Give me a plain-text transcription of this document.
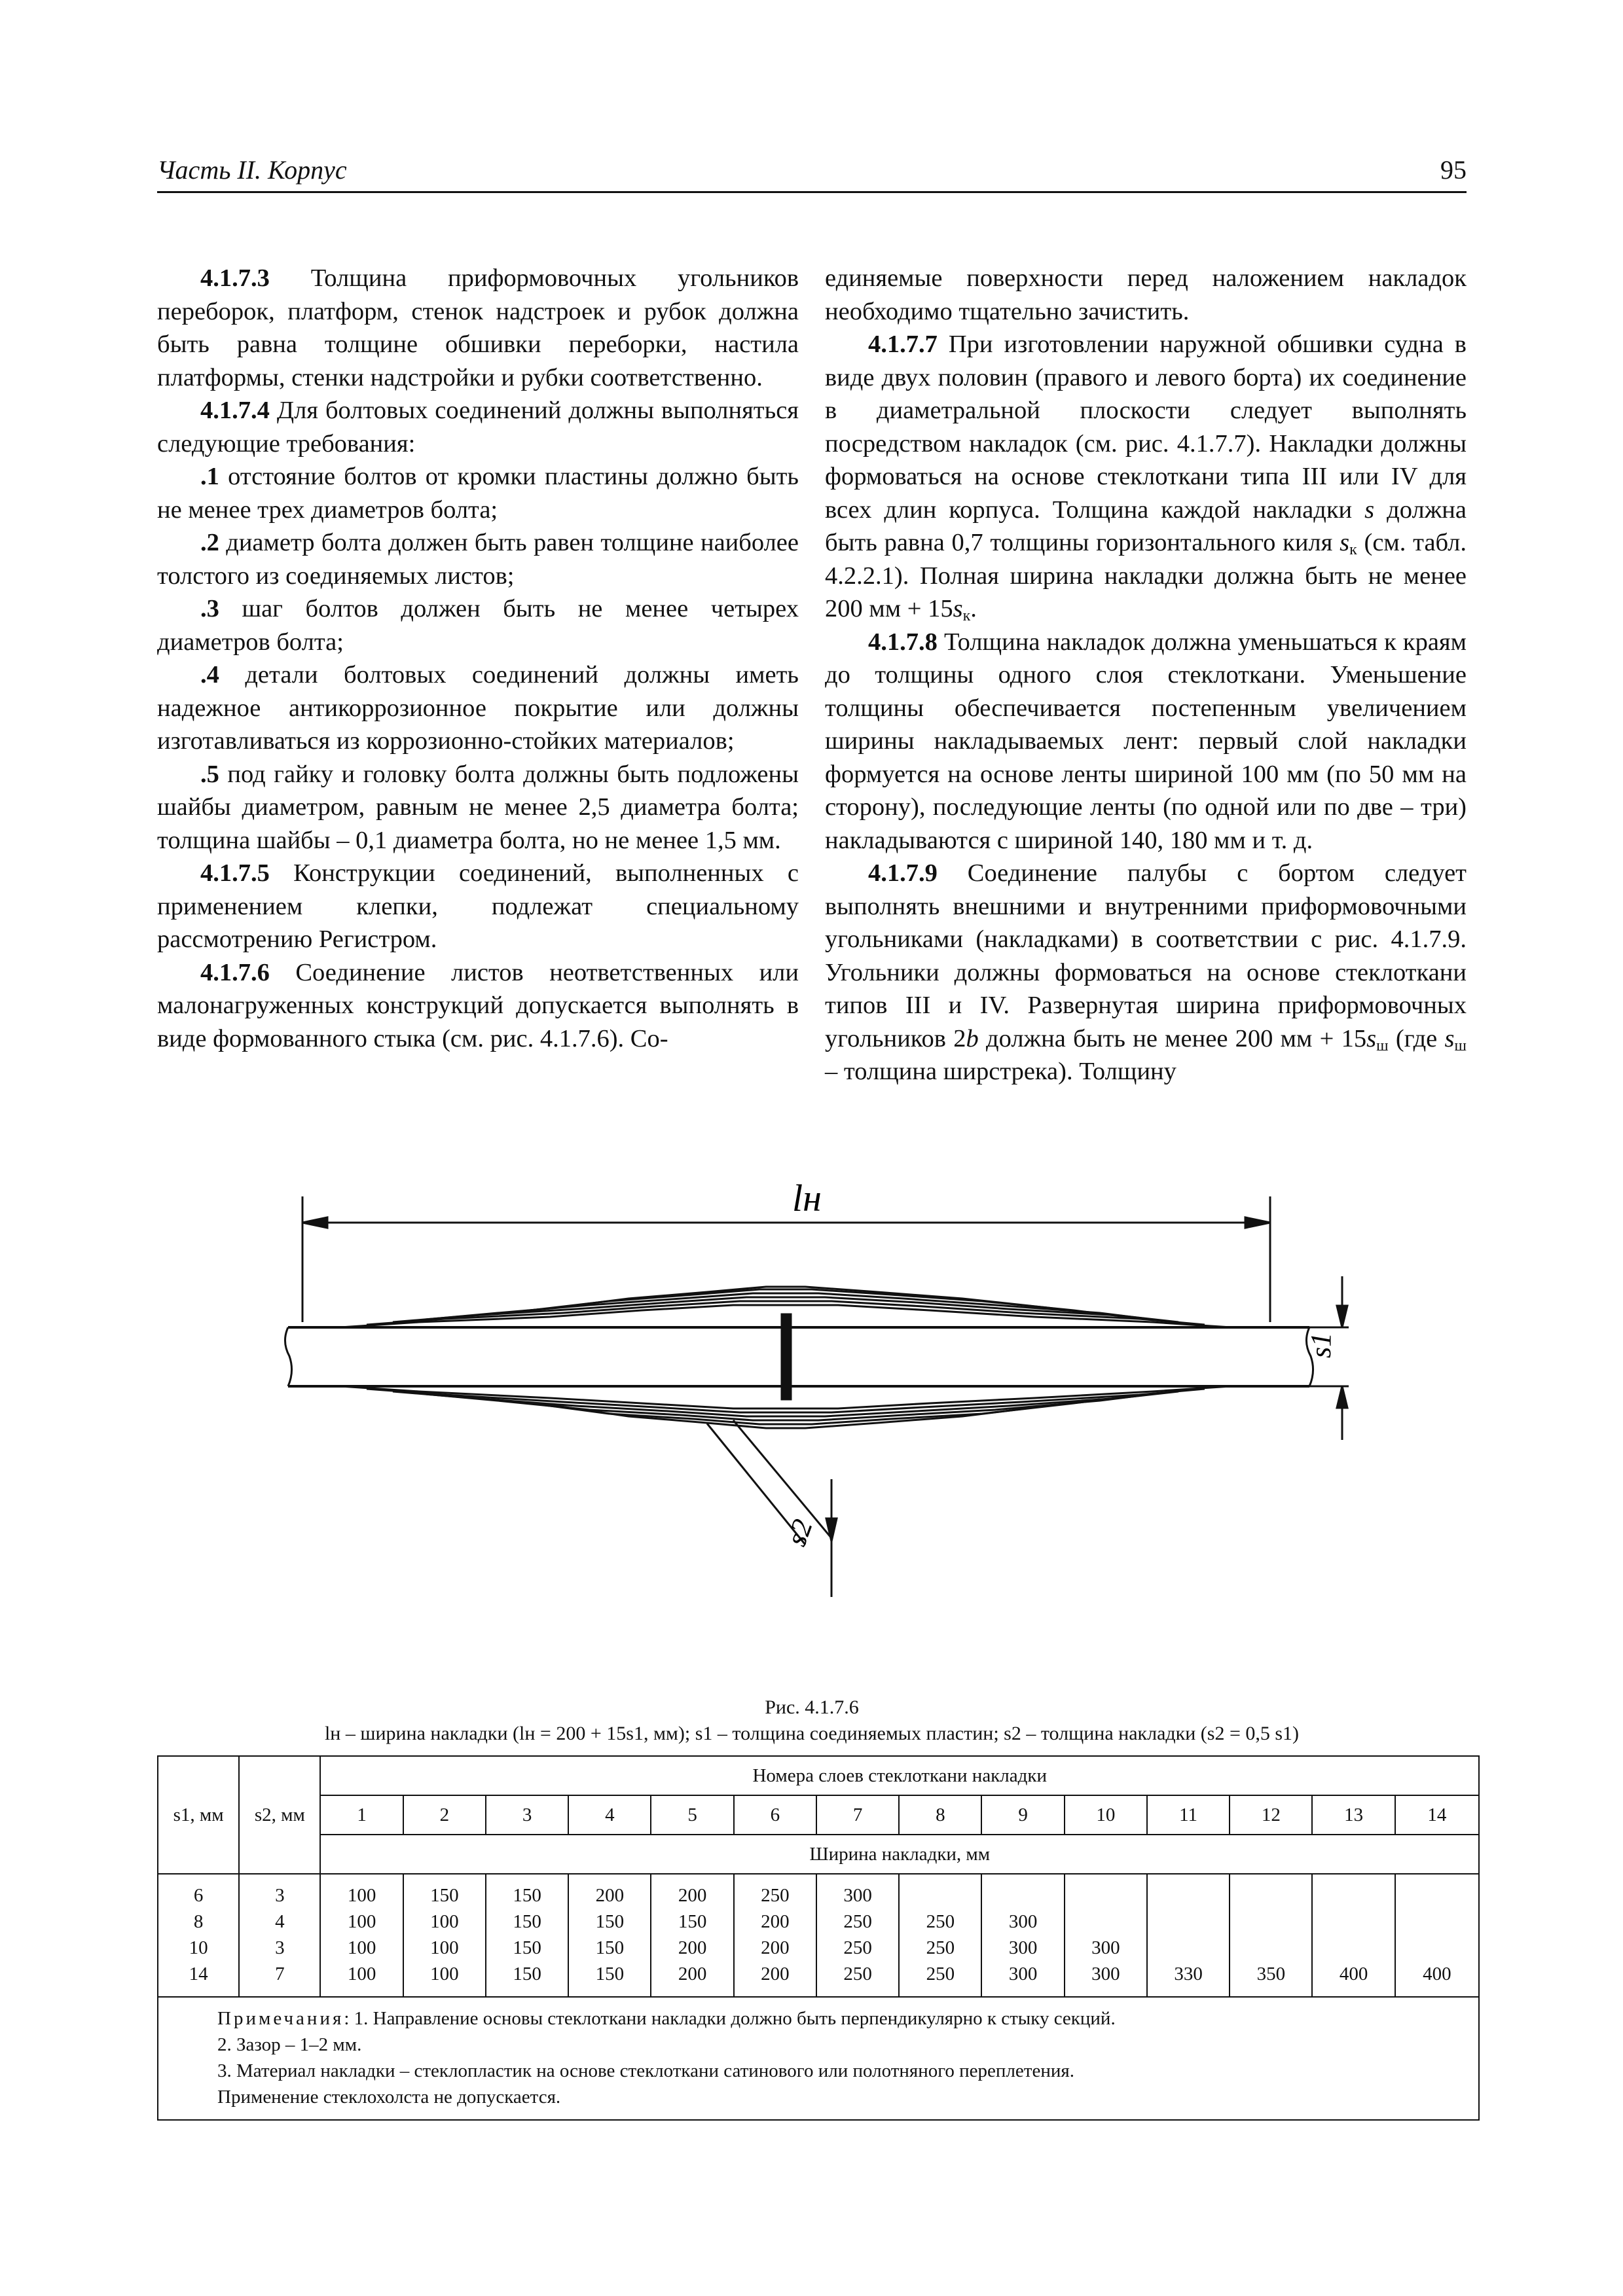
Часть II. Корпус	95

4.1.7.3 Толщина приформовочных угольников переборок, платформ, стенок надстроек и рубок должна быть равна толщине обшивки переборки, настила платформы, стенки надстройки и рубки соответственно.

4.1.7.4 Для болтовых соединений должны выполняться следующие требования:

.1 отстояние болтов от кромки пластины должно быть не менее трех диаметров болта;

.2 диаметр болта должен быть равен толщине наиболее толстого из соединяемых листов;

.3 шаг болтов должен быть не менее четырех диаметров болта;

.4 детали болтовых соединений должны иметь надежное антикоррозионное покрытие или должны изготавливаться из коррозионно-стойких материалов;

.5 под гайку и головку болта должны быть подложены шайбы диаметром, равным не менее 2,5 диаметра болта; толщина шайбы – 0,1 диаметра болта, но не менее 1,5 мм.

4.1.7.5 Конструкции соединений, выполненных с применением клепки, подлежат специальному рассмотрению Регистром.

4.1.7.6 Соединение листов неответственных или малонагруженных конструкций допускается выполнять в виде формованного стыка (см. рис. 4.1.7.6). Со-

единяемые поверхности перед наложением накладок необходимо тщательно зачистить.

4.1.7.7 При изготовлении наружной обшивки судна в виде двух половин (правого и левого борта) их соединение в диаметральной плоскости следует выполнять посредством накладок (см. рис. 4.1.7.7). Накладки должны формоваться на основе стеклоткани типа III или IV для всех длин корпуса. Толщина каждой накладки s должна быть равна 0,7 толщины горизонтального киля $s_к$ (см. табл. 4.2.2.1). Полная ширина накладки должна быть не менее 200 мм + $15s_к$.

4.1.7.8 Толщина накладок должна уменьшаться к краям до толщины одного слоя стеклоткани. Уменьшение толщины обеспечивается постепенным увеличением ширины накладываемых лент: первый слой накладки формуется на основе ленты шириной 100 мм (по 50 мм на сторону), последующие ленты (по одной или по две – три) накладываются с шириной 140, 180 мм и т. д.

4.1.7.9 Соединение палубы с бортом следует выполнять внешними и внутренними приформовочными угольниками (накладками) в соответствии с рис. 4.1.7.9. Угольники должны формоваться на основе стеклоткани типов III и IV. Развернутая ширина приформовочных угольников 2b должна быть не менее 200 мм + $15s_ш$ (где $s_ш$ – толщина ширстрека). Толщину

lн
s1
s2
Рис. 4.1.7.6
lн – ширина накладки (lн = 200 + 15s1, мм); s1 – толщина соединяемых пластин; s2 – толщина накладки (s2 = 0,5 s1)
s1, мм	s2, мм	Номера слоев стеклоткани накладки													
		1	2	3	4	5	6	7	8	9	10	11	12	13	14
		Ширина накладки, мм													
6	3	100	150	150	200	200	250	300							
8	4	100	100	150	150	150	200	250	250	300					
10	3	100	100	150	150	200	200	250	250	300	300				
14	7	100	100	150	150	200	200	250	250	300	300	330	350	400	400
Примечания: 1. Направление основы стеклоткани накладки должно быть перпендикулярно к стыку секций.
2. Зазор – 1–2 мм.
3. Материал накладки – стеклопластик на основе стеклоткани сатинового или полотняного переплетения.
Применение стеклохолста не допускается.															
